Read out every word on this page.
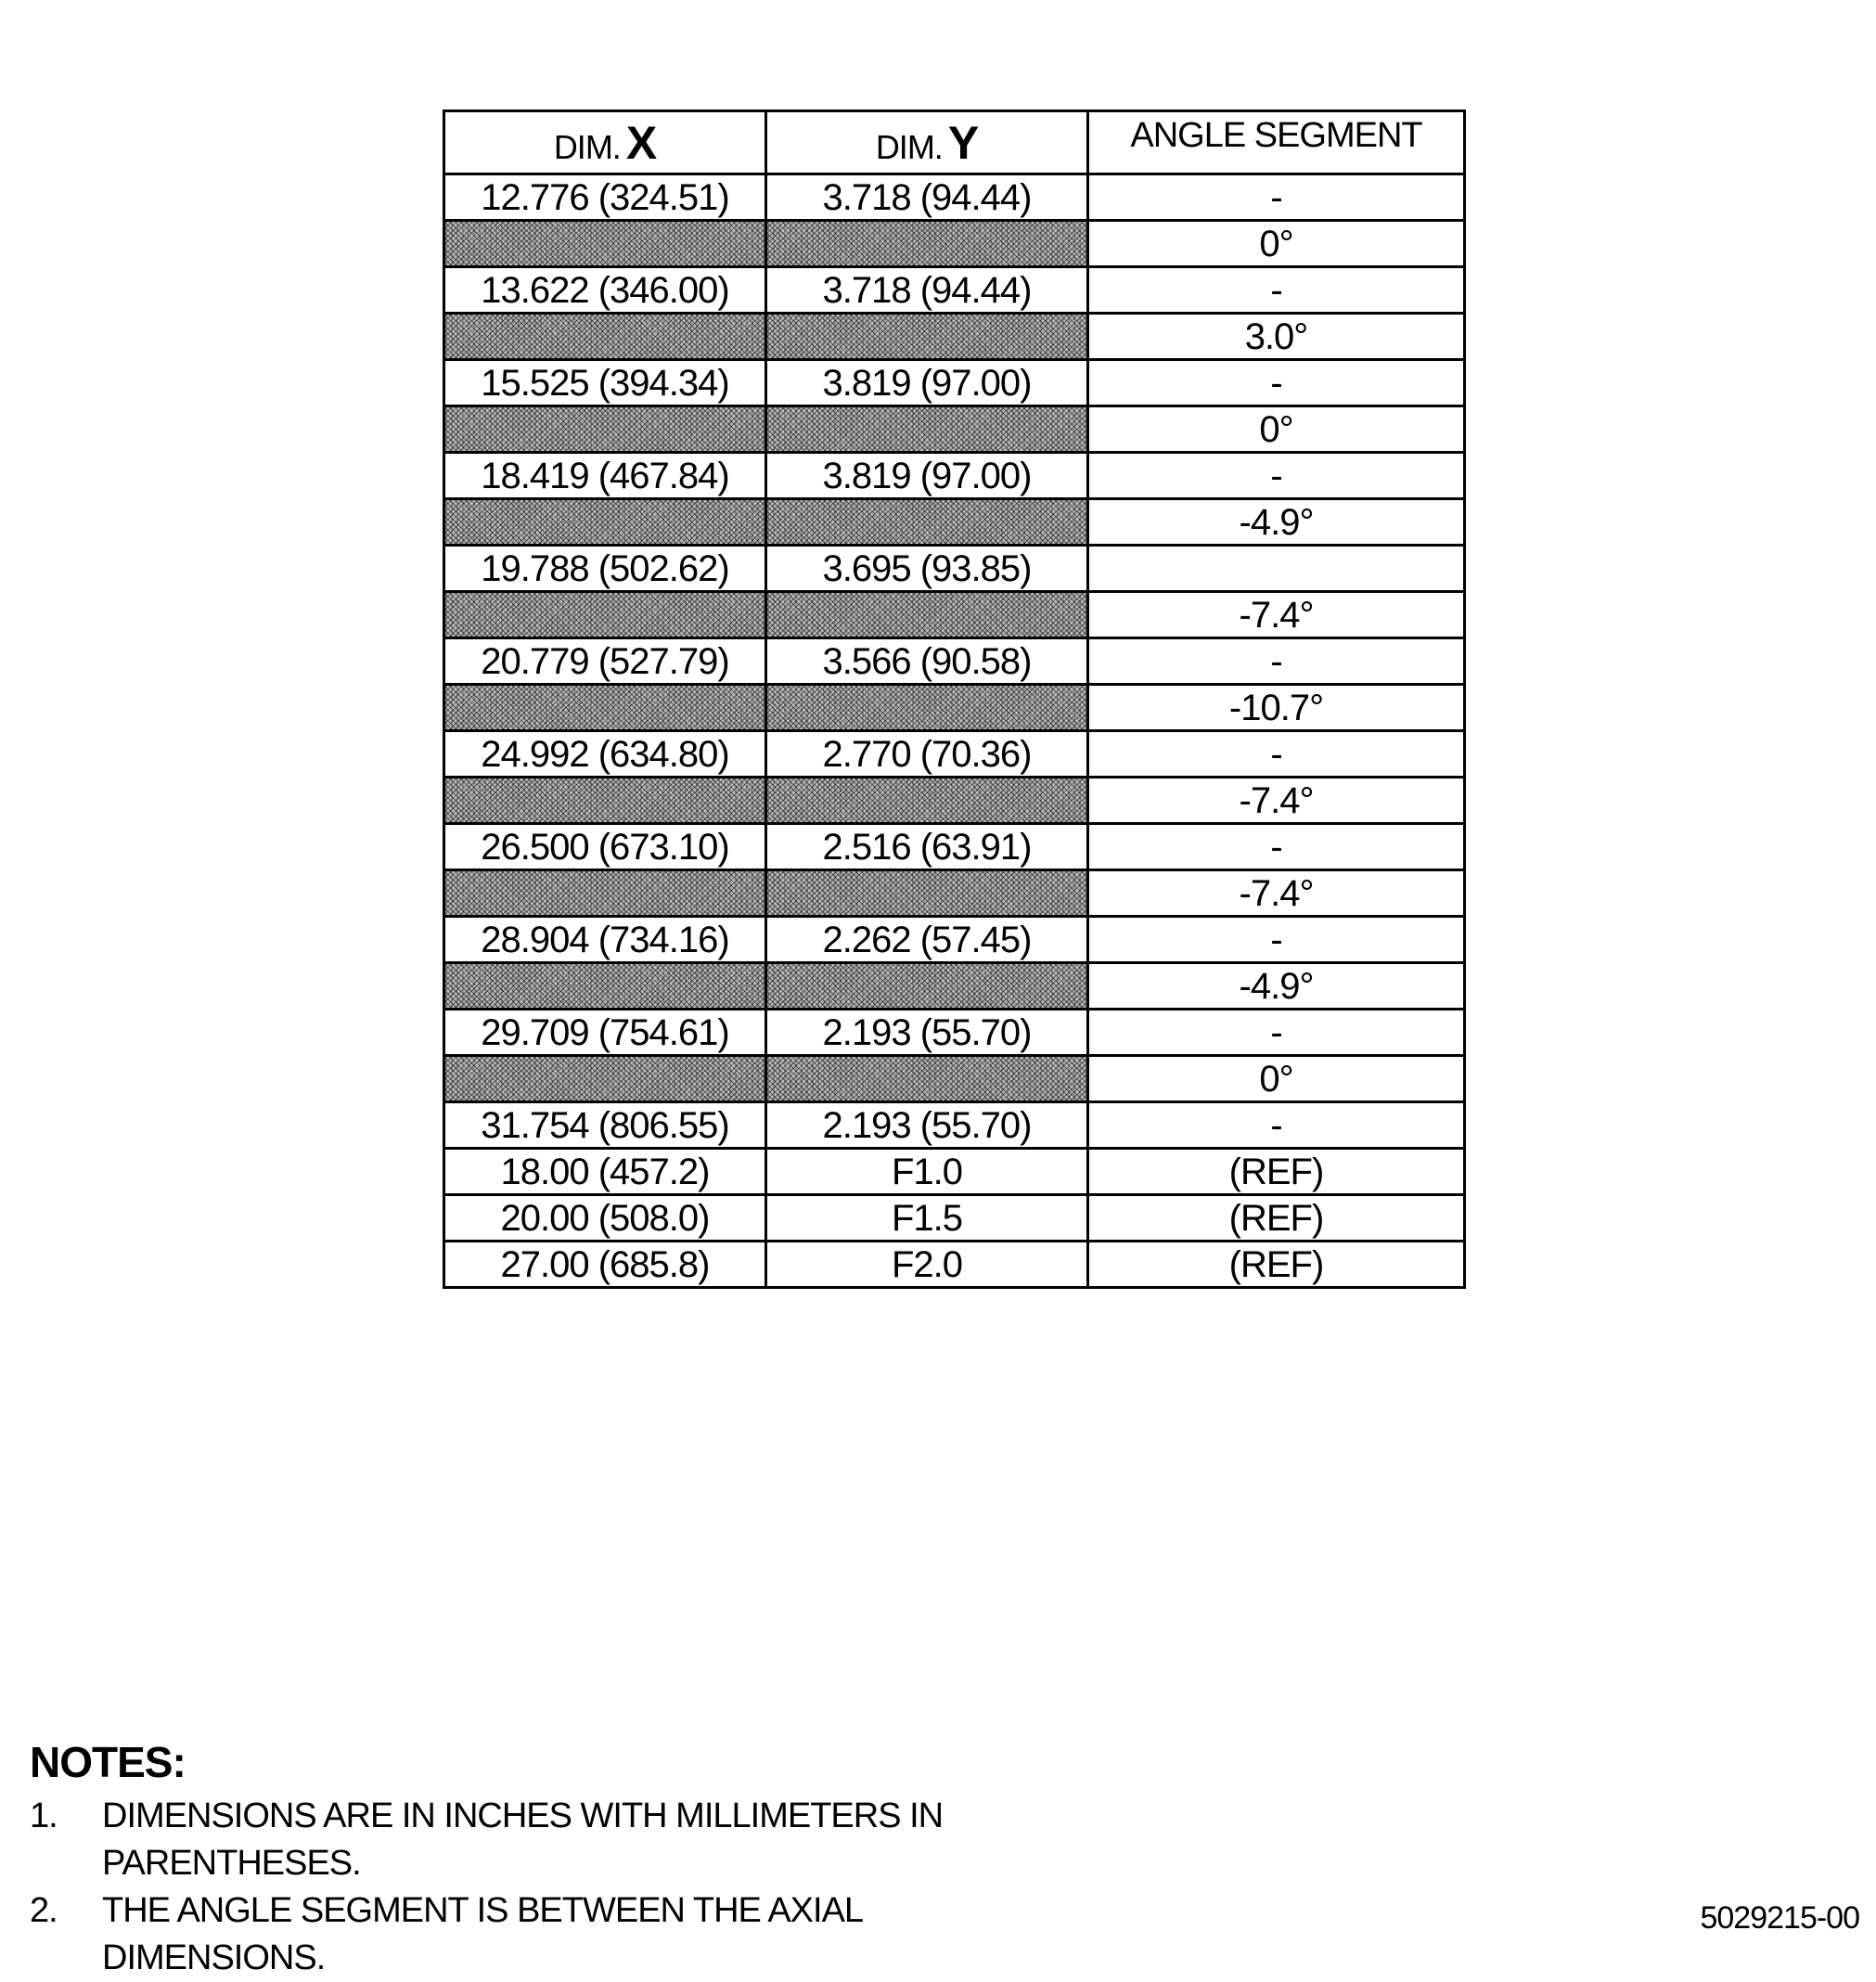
DIM. X	DIM. Y	ANGLE SEGMENT
12.776 (324.51)	3.718 (94.44)	-
		0°
13.622 (346.00)	3.718 (94.44)	-
		3.0°
15.525 (394.34)	3.819 (97.00)	-
		0°
18.419 (467.84)	3.819 (97.00)	-
		-4.9°
19.788 (502.62)	3.695 (93.85)	
		-7.4°
20.779 (527.79)	3.566 (90.58)	-
		-10.7°
24.992 (634.80)	2.770 (70.36)	-
		-7.4°
26.500 (673.10)	2.516 (63.91)	-
		-7.4°
28.904 (734.16)	2.262 (57.45)	-
		-4.9°
29.709 (754.61)	2.193 (55.70)	-
		0°
31.754 (806.55)	2.193 (55.70)	-
18.00 (457.2)	F1.0	(REF)
20.00 (508.0)	F1.5	(REF)
27.00 (685.8)	F2.0	(REF)
NOTES:
1.	DIMENSIONS ARE IN INCHES WITH MILLIMETERS IN PARENTHESES.
2.	THE ANGLE SEGMENT IS BETWEEN THE AXIAL DIMENSIONS.
5029215-00
